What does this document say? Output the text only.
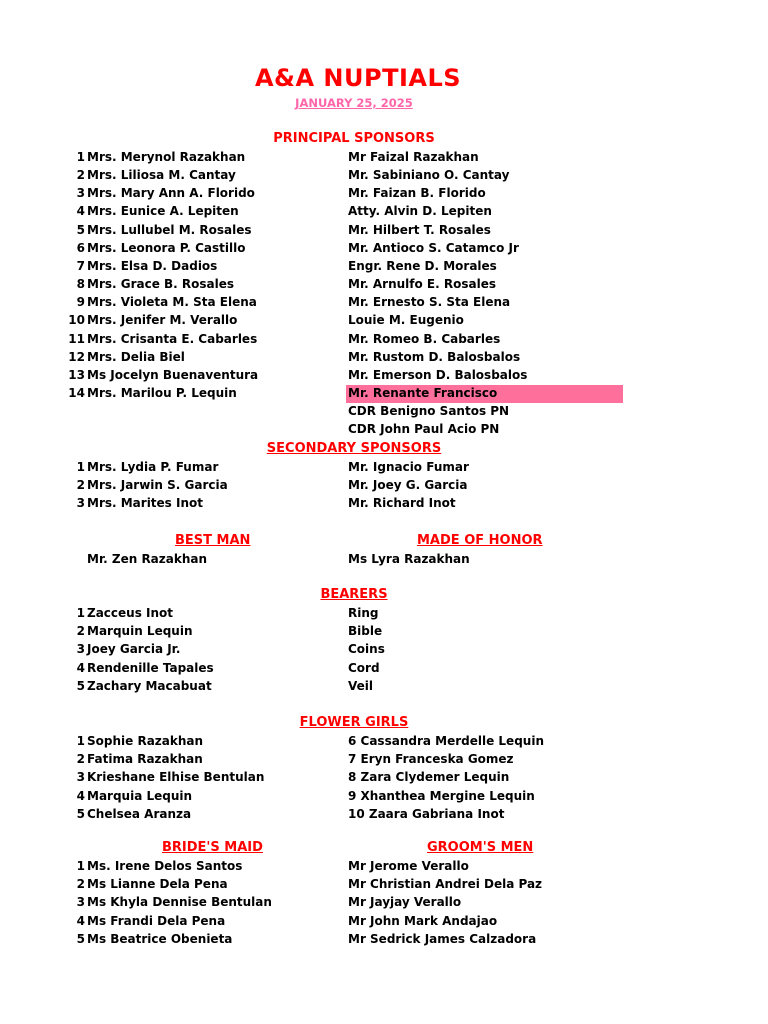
A&A NUPTIALS
JANUARY 25, 2025
PRINCIPAL SPONSORS
1 Mrs. Merynol Razakhan	Mr Faizal Razakhan
2 Mrs. Liliosa M. Cantay	Mr. Sabiniano O. Cantay
3 Mrs. Mary Ann A. Florido	Mr. Faizan B. Florido
4 Mrs. Eunice A. Lepiten	Atty. Alvin D. Lepiten
5 Mrs. Lullubel M. Rosales	Mr. Hilbert T. Rosales
6 Mrs. Leonora P. Castillo	Mr. Antioco S. Catamco Jr
7 Mrs. Elsa D. Dadios	Engr. Rene D. Morales
8 Mrs. Grace B. Rosales	Mr. Arnulfo E. Rosales
9 Mrs. Violeta M. Sta Elena	Mr. Ernesto S. Sta Elena
10 Mrs. Jenifer M. Verallo	Louie M. Eugenio
11 Mrs. Crisanta E. Cabarles	Mr. Romeo B. Cabarles
12 Mrs. Delia Biel	Mr. Rustom D. Balosbalos
13 Ms Jocelyn Buenaventura	Mr. Emerson D. Balosbalos
14 Mrs. Marilou P. Lequin	Mr. Renante Francisco
CDR Benigno Santos PN
CDR John Paul Acio PN
SECONDARY SPONSORS
1 Mrs. Lydia P. Fumar	Mr. Ignacio Fumar
2 Mrs. Jarwin S. Garcia	Mr. Joey G. Garcia
3 Mrs. Marites Inot	Mr. Richard Inot
BEST MAN	MADE OF HONOR
Mr. Zen Razakhan	Ms Lyra Razakhan
BEARERS
1 Zacceus Inot	Ring
2 Marquin Lequin	Bible
3 Joey Garcia Jr.	Coins
4 Rendenille Tapales	Cord
5 Zachary Macabuat	Veil
FLOWER GIRLS
1 Sophie Razakhan	6 Cassandra Merdelle Lequin
2 Fatima Razakhan	7 Eryn Franceska Gomez
3 Krieshane Elhise Bentulan	8 Zara Clydemer Lequin
4 Marquia Lequin	9 Xhanthea Mergine Lequin
5 Chelsea Aranza	10 Zaara Gabriana Inot
BRIDE'S MAID	GROOM'S MEN
1 Ms. Irene Delos Santos	Mr Jerome Verallo
2 Ms Lianne Dela Pena	Mr Christian Andrei Dela Paz
3 Ms Khyla Dennise Bentulan	Mr Jayjay Verallo
4 Ms Frandi Dela Pena	Mr John Mark Andajao
5 Ms Beatrice Obenieta	Mr Sedrick James Calzadora
